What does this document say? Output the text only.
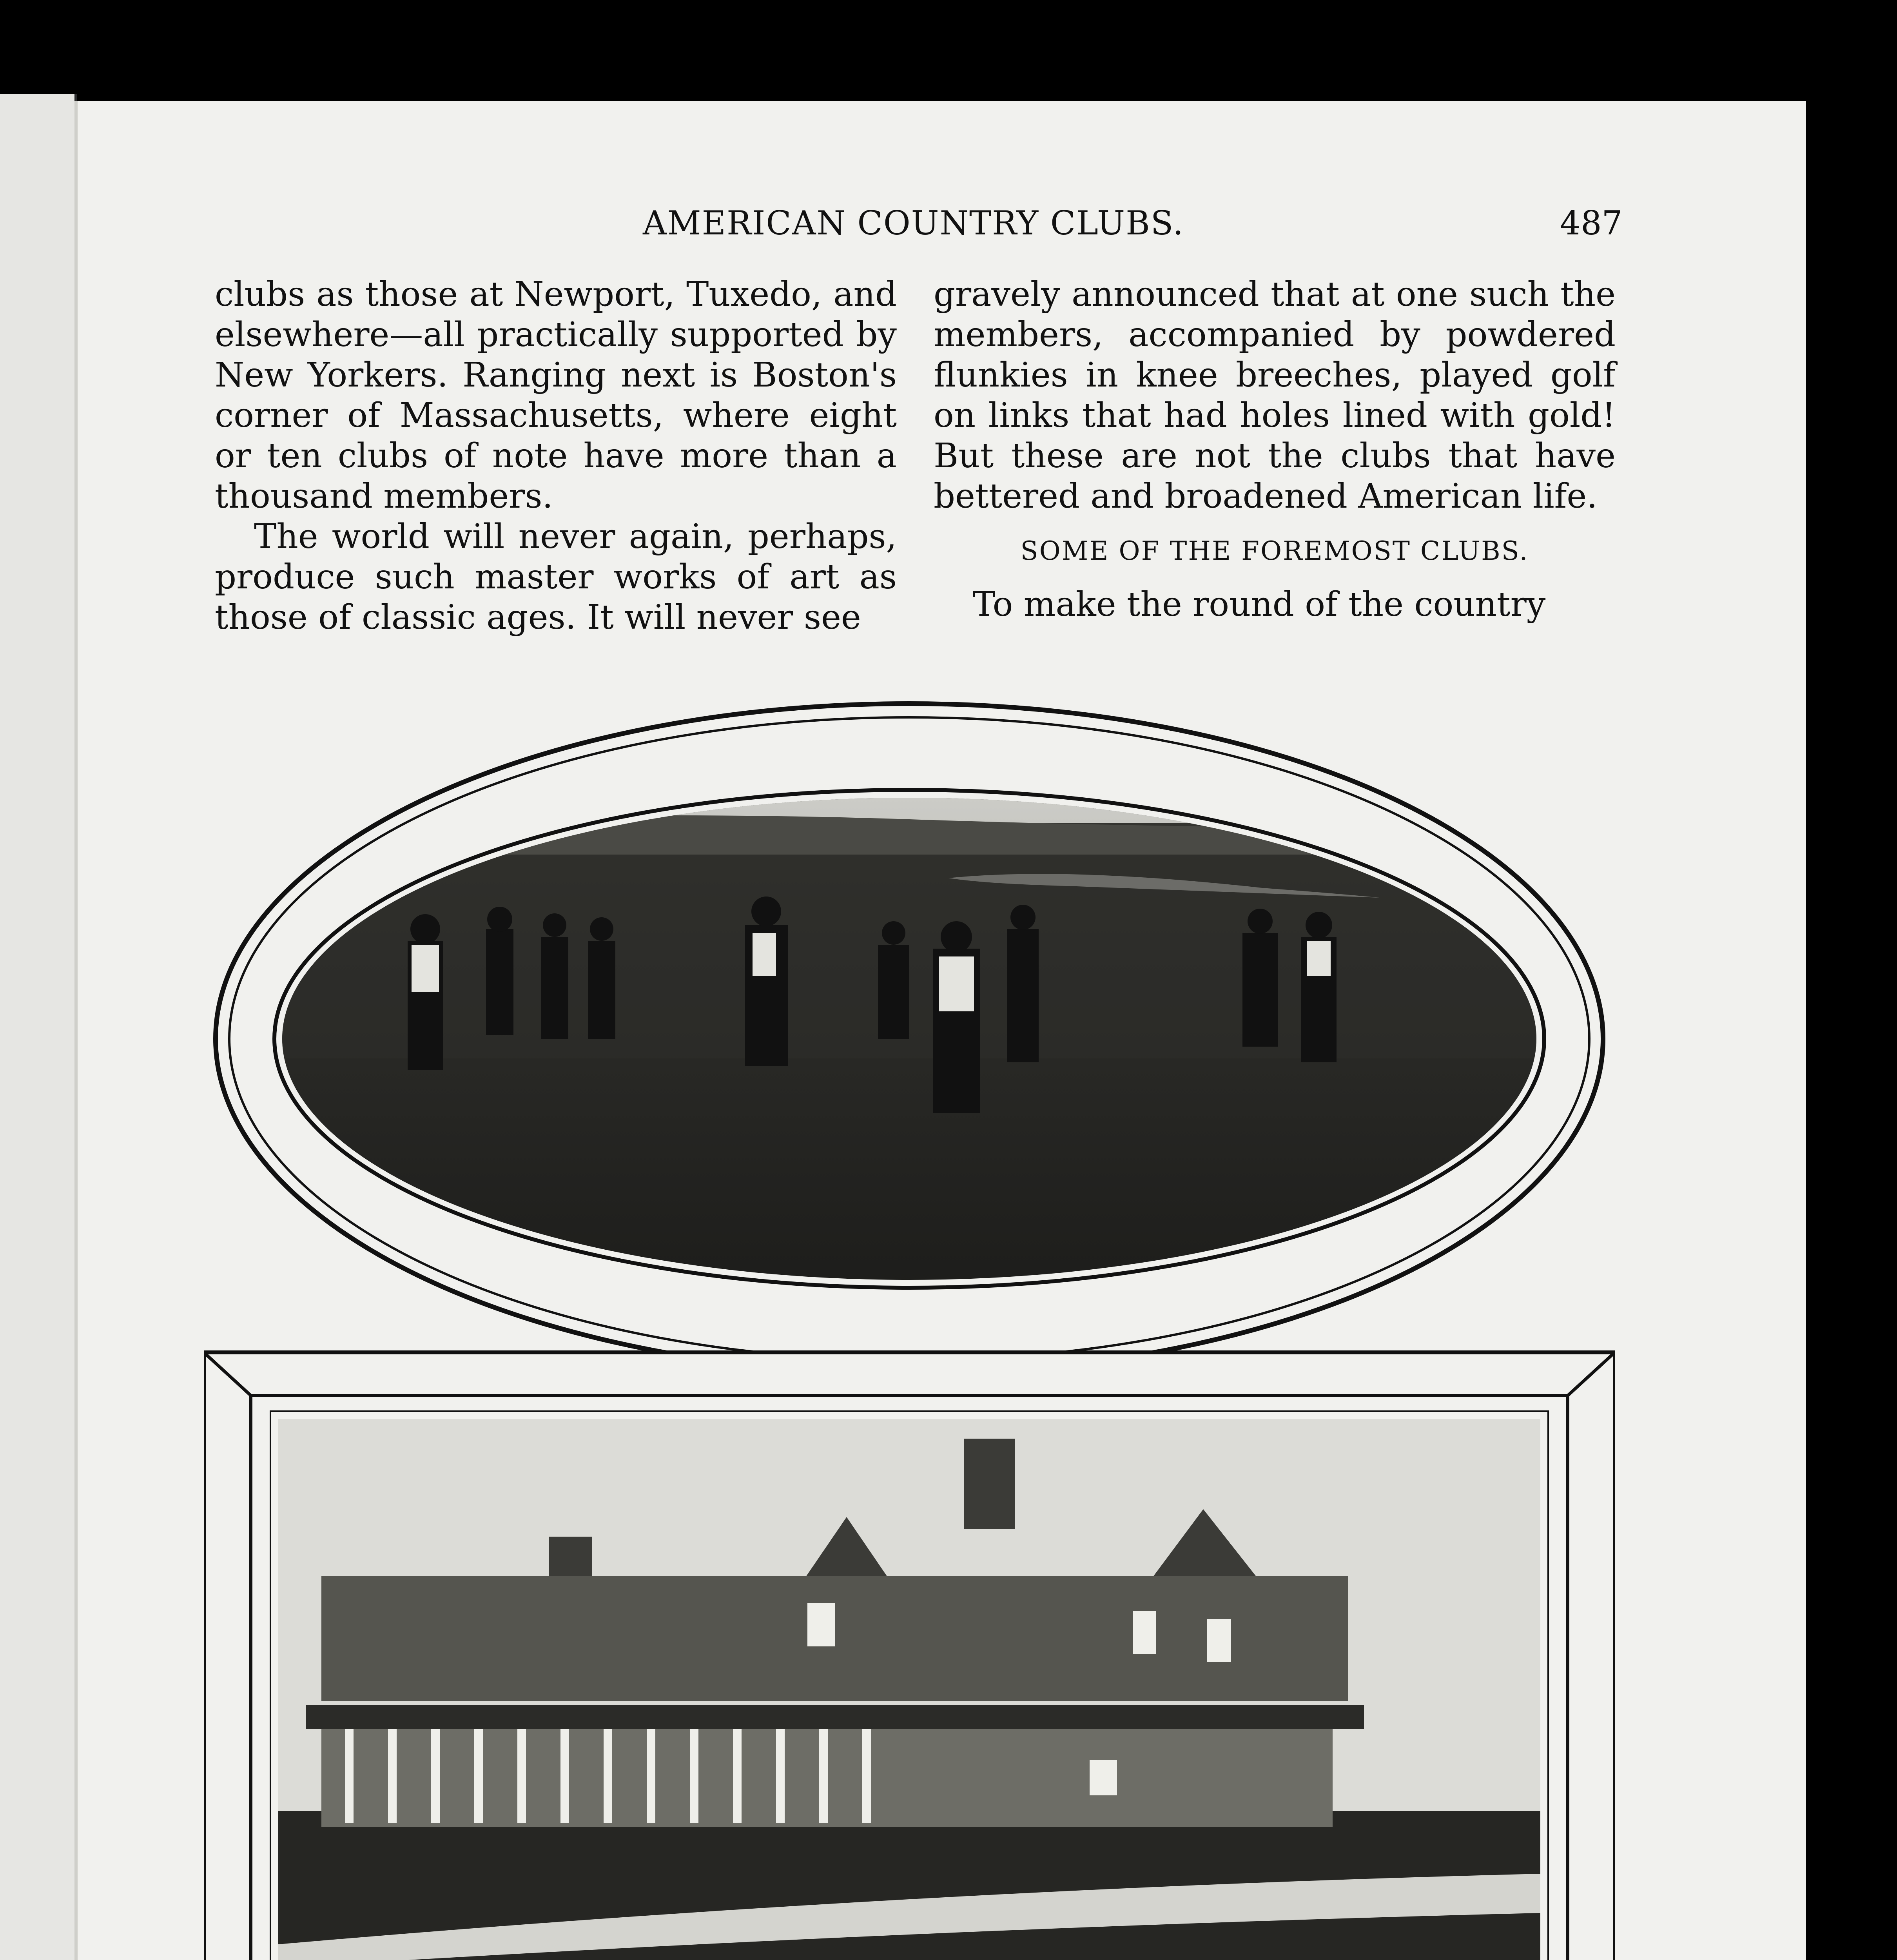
AMERICAN COUNTRY CLUBS.	487

clubs as those at Newport, Tuxedo, and elsewhere—all practically supported by New Yorkers. Ranging next is Boston's corner of Massachusetts, where eight or ten clubs of note have more than a thousand members.

The world will never again, perhaps, produce such master works of art as those of classic ages. It will never see

gravely announced that at one such the members, accompanied by powdered flunkies in knee breeches, played golf on links that had holes lined with gold! But these are not the clubs that have bettered and broadened American life.

SOME OF THE FOREMOST CLUBS.

To make the round of the country
